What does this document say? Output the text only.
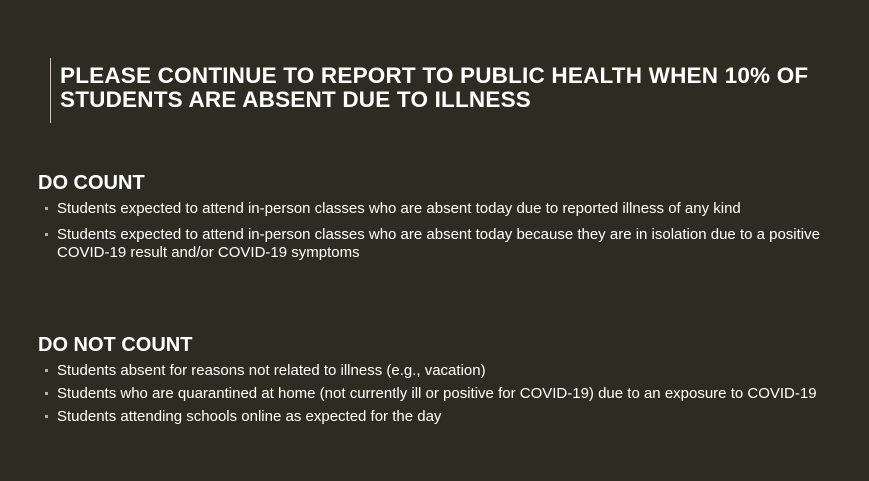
PLEASE CONTINUE TO REPORT TO PUBLIC HEALTH WHEN 10% OF STUDENTS ARE ABSENT DUE TO ILLNESS
DO COUNT
Students expected to attend in-person classes who are absent today due to reported illness of any kind
Students expected to attend in-person classes who are absent today because they are in isolation due to a positive COVID-19 result and/or COVID-19 symptoms
DO NOT COUNT
Students absent for reasons not related to illness (e.g., vacation)
Students who are quarantined at home (not currently ill or positive for COVID-19) due to an exposure to COVID-19
Students attending schools online as expected for the day
